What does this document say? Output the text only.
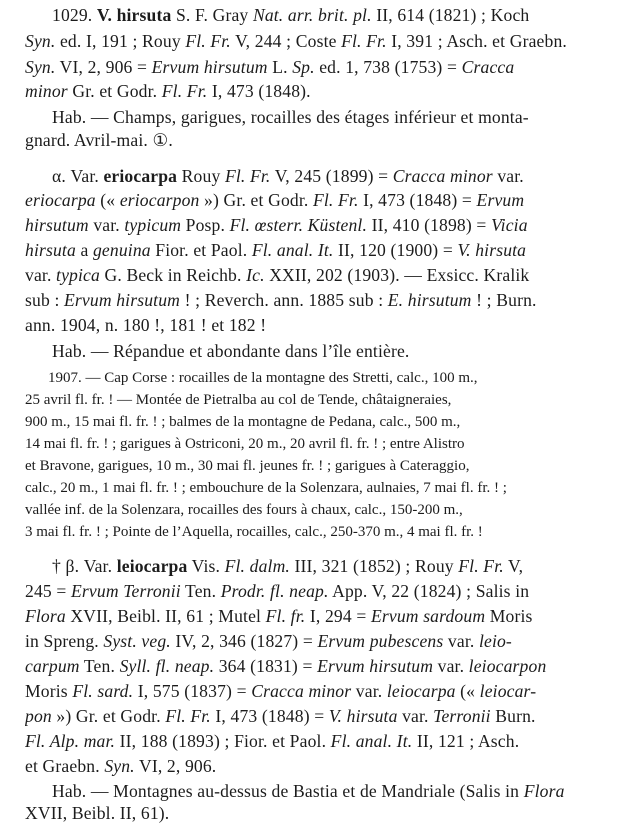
1029. V. hirsuta S. F. Gray Nat. arr. brit. pl. II, 614 (1821) ; Koch
Syn. ed. I, 191 ; Rouy Fl. Fr. V, 244 ; Coste Fl. Fr. I, 391 ; Asch. et Graebn.
Syn. VI, 2, 906 = Ervum hirsutum L. Sp. ed. 1, 738 (1753) = Cracca
minor Gr. et Godr. Fl. Fr. I, 473 (1848).
Hab. — Champs, garigues, rocailles des étages inférieur et monta-
gnard. Avril-mai. ①.
α. Var. eriocarpa Rouy Fl. Fr. V, 245 (1899) = Cracca minor var.
eriocarpa (« eriocarpon ») Gr. et Godr. Fl. Fr. I, 473 (1848) = Ervum
hirsutum var. typicum Posp. Fl. œsterr. Küstenl. II, 410 (1898) = Vicia
hirsuta a genuina Fior. et Paol. Fl. anal. It. II, 120 (1900) = V. hirsuta
var. typica G. Beck in Reichb. Ic. XXII, 202 (1903). — Exsicc. Kralik
sub : Ervum hirsutum ! ; Reverch. ann. 1885 sub : E. hirsutum ! ; Burn.
ann. 1904, n. 180 !, 181 ! et 182 !
Hab. — Répandue et abondante dans l’île entière.
1907. — Cap Corse : rocailles de la montagne des Stretti, calc., 100 m.,
25 avril fl. fr. ! — Montée de Pietralba au col de Tende, châtaigneraies,
900 m., 15 mai fl. fr. ! ; balmes de la montagne de Pedana, calc., 500 m.,
14 mai fl. fr. ! ; garigues à Ostriconi, 20 m., 20 avril fl. fr. ! ; entre Alistro
et Bravone, garigues, 10 m., 30 mai fl. jeunes fr. ! ; garigues à Cateraggio,
calc., 20 m., 1 mai fl. fr. ! ; embouchure de la Solenzara, aulnaies, 7 mai fl. fr. ! ;
vallée inf. de la Solenzara, rocailles des fours à chaux, calc., 150-200 m.,
3 mai fl. fr. ! ; Pointe de l’Aquella, rocailles, calc., 250-370 m., 4 mai fl. fr. !
† β. Var. leiocarpa Vis. Fl. dalm. III, 321 (1852) ; Rouy Fl. Fr. V,
245 = Ervum Terronii Ten. Prodr. fl. neap. App. V, 22 (1824) ; Salis in
Flora XVII, Beibl. II, 61 ; Mutel Fl. fr. I, 294 = Ervum sardoum Moris
in Spreng. Syst. veg. IV, 2, 346 (1827) = Ervum pubescens var. leio-
carpum Ten. Syll. fl. neap. 364 (1831) = Ervum hirsutum var. leiocarpon
Moris Fl. sard. I, 575 (1837) = Cracca minor var. leiocarpa (« leiocar-
pon ») Gr. et Godr. Fl. Fr. I, 473 (1848) = V. hirsuta var. Terronii Burn.
Fl. Alp. mar. II, 188 (1893) ; Fior. et Paol. Fl. anal. It. II, 121 ; Asch.
et Graebn. Syn. VI, 2, 906.
Hab. — Montagnes au-dessus de Bastia et de Mandriale (Salis in Flora
XVII, Beibl. II, 61).
